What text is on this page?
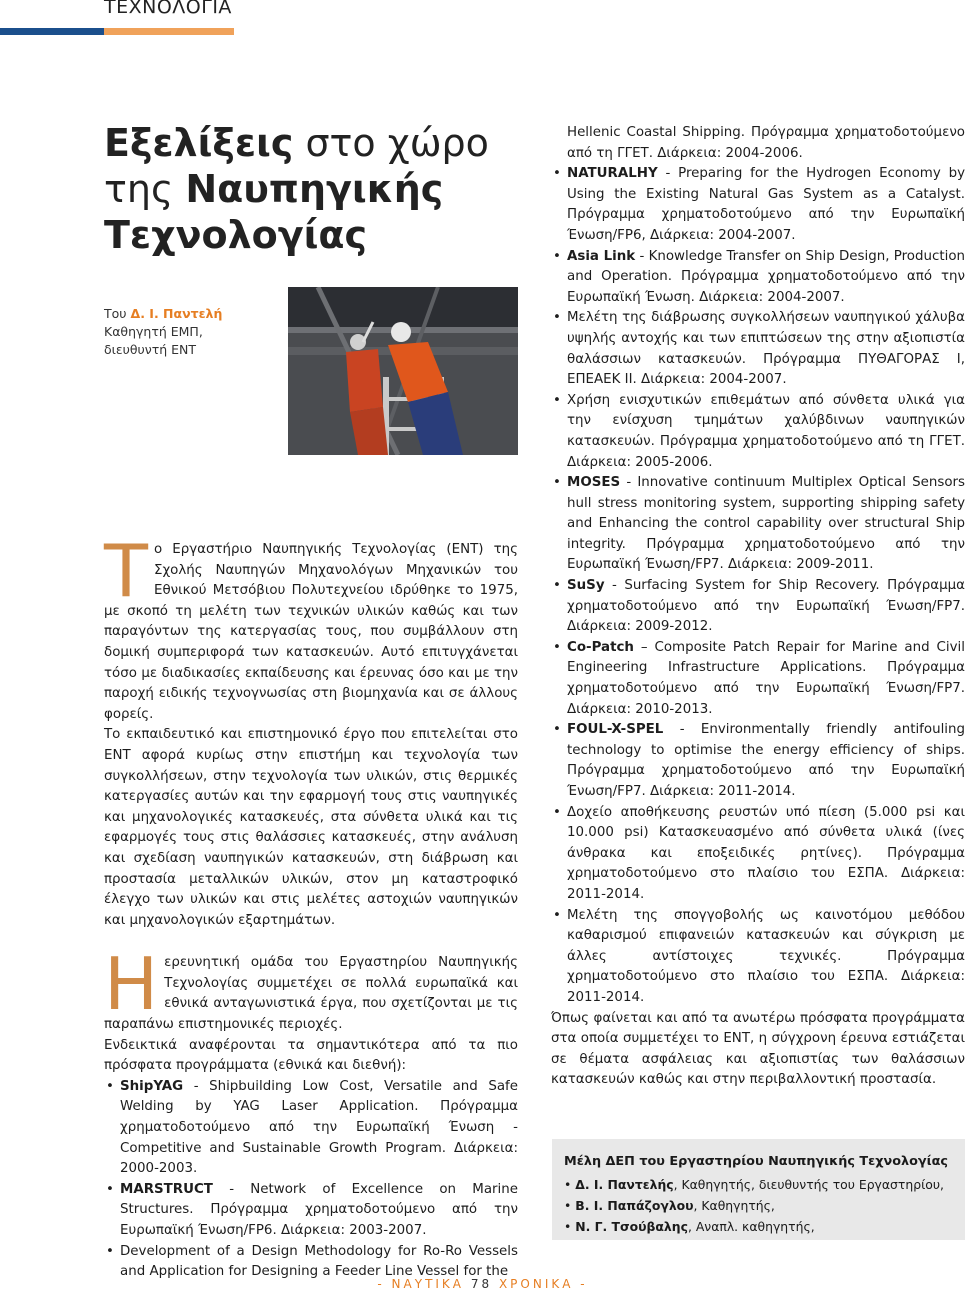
ΤΕΧΝΟΛΟΓΙΑ
Εξελίξεις στο χώρο
της Ναυπηγικής
Τεχνολογίας
Του Δ. Ι. Παντελή
Καθηγητή ΕΜΠ,
διευθυντή ΕΝΤ

Το Εργαστήριο Ναυπηγικής Τεχνολογίας (ΕΝΤ) της Σχολής Ναυπηγών Μηχανολόγων Μηχανικών του Εθνικού Μετσόβιου Πολυτεχνείου ιδρύθηκε το 1975, με σκοπό τη μελέτη των τεχνικών υλικών καθώς και των παραγόντων της κατεργασίας τους, που συμβάλλουν στη δομική συμπεριφορά των κατασκευών. Αυτό επιτυγχάνεται τόσο με διαδικασίες εκπαίδευσης και έρευνας όσο και με την παροχή ειδικής τεχνογνωσίας στη βιομηχανία και σε άλλους φορείς.

Το εκπαιδευτικό και επιστημονικό έργο που επιτελείται στο ΕΝΤ αφορά κυρίως στην επιστήμη και τεχνολογία των συγκολλήσεων, στην τεχνολογία των υλικών, στις θερμικές κατεργασίες αυτών και την εφαρμογή τους στις ναυπηγικές και μηχανολογικές κατασκευές, στα σύνθετα υλικά και τις εφαρμογές τους στις θαλάσσιες κατασκευές, στην ανάλυση και σχεδίαση ναυπηγικών κατασκευών, στη διάβρωση και προστασία μεταλλικών υλικών, στον μη καταστροφικό έλεγχο των υλικών και στις μελέτες αστοχιών ναυπηγικών και μηχανολογικών εξαρτημάτων.

Ηερευνητική ομάδα του Εργαστηρίου Ναυπηγικής Τεχνολογίας συμμετέχει σε πολλά ευρωπαϊκά και εθνικά ανταγωνιστικά έργα, που σχετίζονται με τις παραπάνω επιστημονικές περιοχές.

Ενδεικτικά αναφέρονται τα σημαντικότερα από τα πιο πρόσφατα προγράμματα (εθνικά και διεθνή):

• ShipYAG - Shipbuilding Low Cost, Versatile and Safe Welding by YAG Laser Application. Πρόγραμμα χρηματοδοτούμενο από την Ευρωπαϊκή Ένωση - Competitive and Sustainable Growth Program. Διάρκεια: 2000-2003.
• MARSTRUCT - Network of Excellence on Marine Structures. Πρόγραμμα χρηματοδοτούμενο από την Ευρωπαϊκή Ένωση/FP6. Διάρκεια: 2003-2007.
• Development of a Design Methodology for Ro-Ro Vessels and Application for Designing a Feeder Line Vessel for the

Hellenic Coastal Shipping. Πρόγραμμα χρηματοδοτούμενο από τη ΓΓΕΤ. Διάρκεια: 2004-2006.

• NATURALHY - Preparing for the Hydrogen Economy by Using the Existing Natural Gas System as a Catalyst. Πρόγραμμα χρηματοδοτούμενο από την Ευρωπαϊκή Ένωση/FP6, Διάρκεια: 2004-2007.
• Asia Link - Knowledge Transfer on Ship Design, Production and Operation. Πρόγραμμα χρηματοδοτούμενο από την Ευρωπαϊκή Ένωση. Διάρκεια: 2004-2007.
• Μελέτη της διάβρωσης συγκολλήσεων ναυπηγικού χάλυβα υψηλής αντοχής και των επιπτώσεων της στην αξιοπιστία θαλάσσιων κατασκευών. Πρόγραμμα ΠΥΘΑΓΟΡΑΣ Ι, ΕΠΕΑΕΚ ΙΙ. Διάρκεια: 2004-2007.
• Χρήση ενισχυτικών επιθεμάτων από σύνθετα υλικά για την ενίσχυση τμημάτων χαλύβδινων ναυπηγικών κατασκευών. Πρόγραμμα χρηματοδοτούμενο από τη ΓΓΕΤ. Διάρκεια: 2005-2006.
• MOSES - Innovative continuum Multiplex Optical Sensors hull stress monitoring system, supporting shipping safety and Enhancing the control capability over structural Ship integrity. Πρόγραμμα χρηματοδοτούμενο από την Ευρωπαϊκή Ένωση/FP7. Διάρκεια: 2009-2011.
• SuSy - Surfacing System for Ship Recovery. Πρόγραμμα χρηματοδοτούμενο από την Ευρωπαϊκή Ένωση/FP7. Διάρκεια: 2009-2012.
• Co-Patch – Composite Patch Repair for Marine and Civil Engineering Infrastructure Applications. Πρόγραμμα χρηματοδοτούμενο από την Ευρωπαϊκή Ένωση/FP7. Διάρκεια: 2010-2013.
• FOUL-X-SPEL - Environmentally friendly antifouling technology to optimise the energy efficiency of ships. Πρόγραμμα χρηματοδοτούμενο από την Ευρωπαϊκή Ένωση/FP7. Διάρκεια: 2011-2014.
• Δοχείο αποθήκευσης ρευστών υπό πίεση (5.000 psi και 10.000 psi) Κατασκευασμένο από σύνθετα υλικά (ίνες άνθρακα και εποξειδικές ρητίνες). Πρόγραμμα χρηματοδοτούμενο στο πλαίσιο του ΕΣΠΑ. Διάρκεια: 2011-2014.
• Μελέτη της σπογγοβολής ως καινοτόμου μεθόδου καθαρισμού επιφανειών κατασκευών και σύγκριση με άλλες αντίστοιχες τεχνικές. Πρόγραμμα χρηματοδοτούμενο στο πλαίσιο του ΕΣΠΑ. Διάρκεια: 2011-2014.

Όπως φαίνεται και από τα ανωτέρω πρόσφατα προγράμματα στα οποία συμμετέχει το ΕΝΤ, η σύγχρονη έρευνα εστιάζεται σε θέματα ασφάλειας και αξιοπιστίας των θαλάσσιων κατασκευών καθώς και στην περιβαλλοντική προστασία.

Μέλη ΔΕΠ του Εργαστηρίου Ναυπηγικής Τεχνολογίας
• Δ. Ι. Παντελής, Καθηγητής, διευθυντής του Εργαστηρίου,
• Β. Ι. Παπάζογλου, Καθηγητής,
• Ν. Γ. Τσούβαλης, Αναπλ. καθηγητής,
- ΝΑΥΤΙΚΑ 78 ΧΡΟΝΙΚΑ -
